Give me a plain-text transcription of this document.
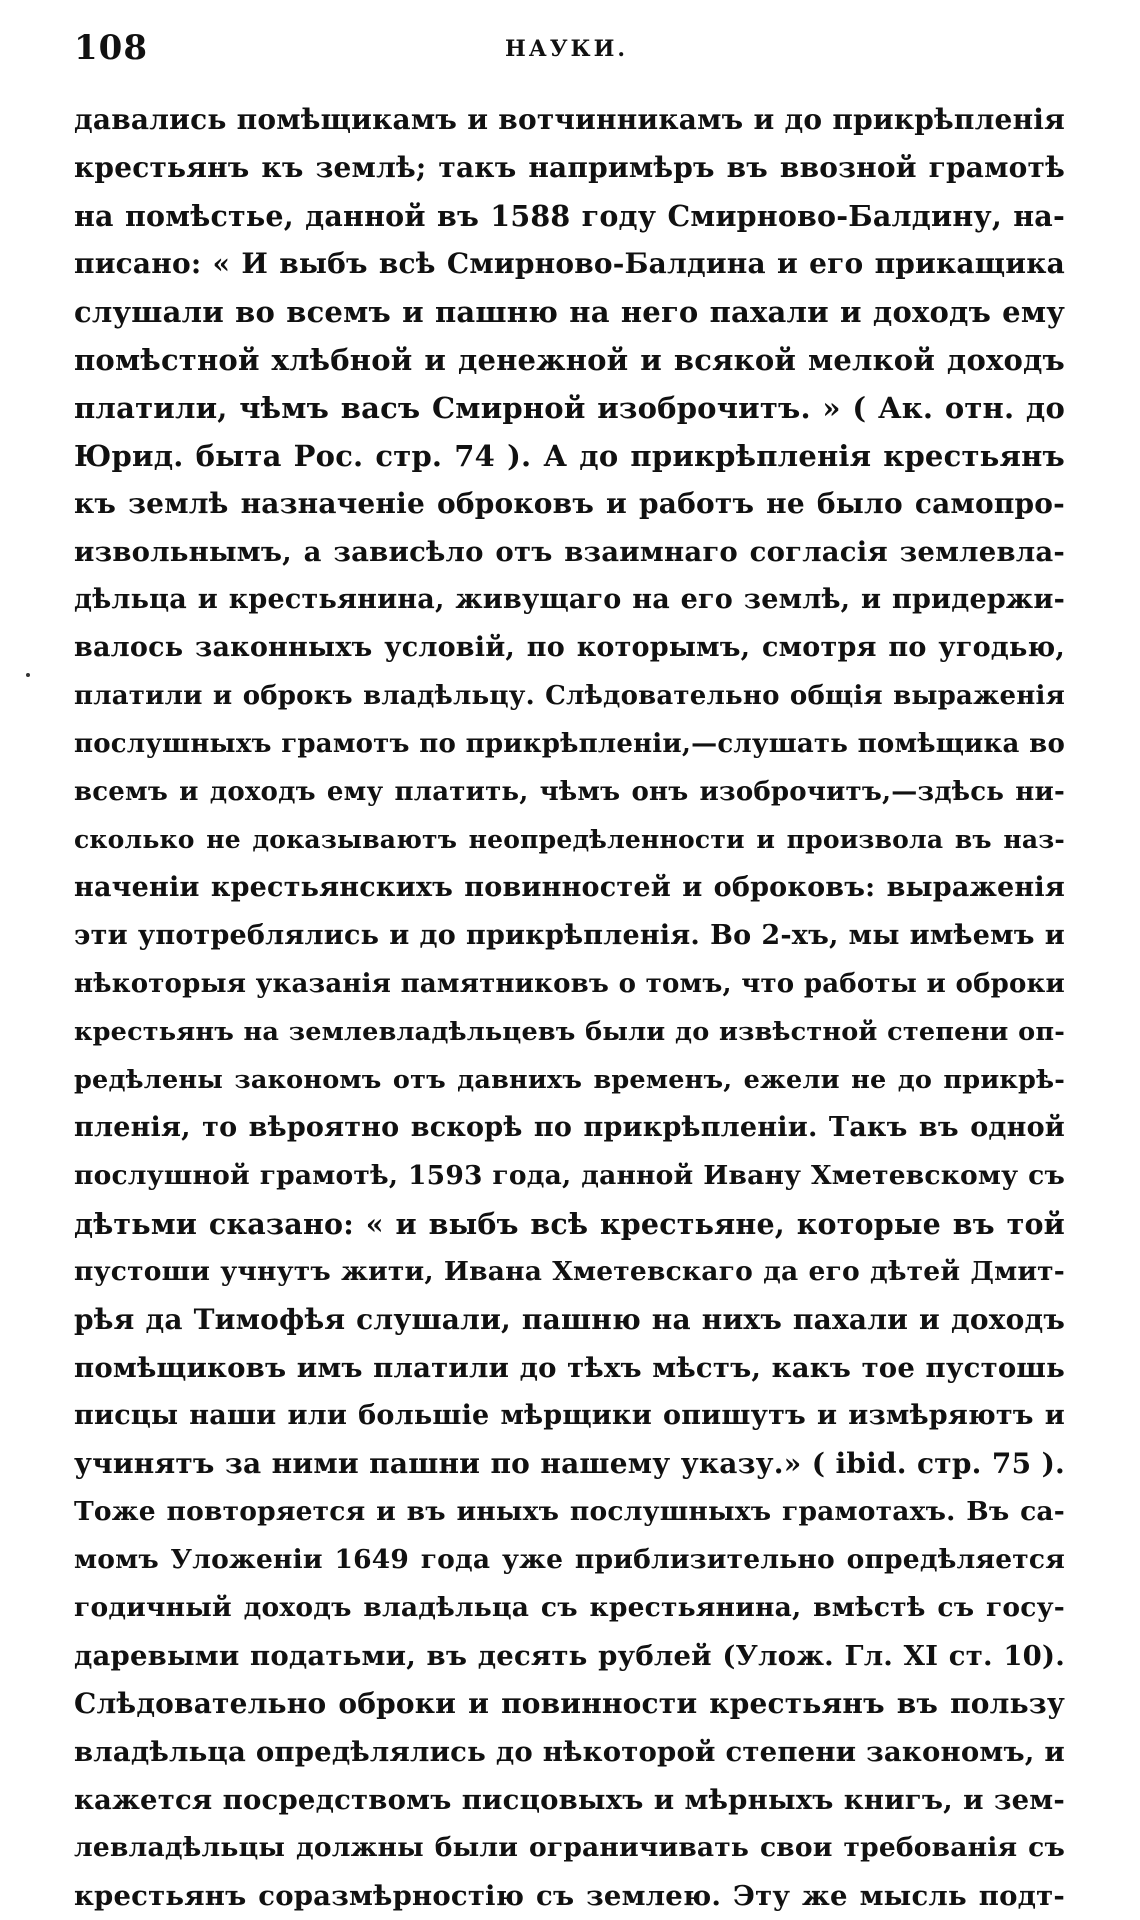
108	НАУКИ.
давались помѣщикамъ и вотчинникамъ и до прикрѣпленія
крестьянъ къ землѣ; такъ напримѣръ въ ввозной грамотѣ
на помѣстье, данной въ 1588 году Смирново-Балдину, на-
писано: « И выбъ всѣ Смирново-Балдина и его прикащика
слушали во всемъ и пашню на него пахали и доходъ ему
помѣстной хлѣбной и денежной и всякой мелкой доходъ
платили, чѣмъ васъ Смирной изоброчитъ. » ( Ак. отн. до
Юрид. быта Рос. стр. 74 ). А до прикрѣпленія крестьянъ
къ землѣ назначеніе оброковъ и работъ не было самопро-
извольнымъ, а зависѣло отъ взаимнаго согласія землевла-
дѣльца и крестьянина, живущаго на его землѣ, и придержи-
валось законныхъ условій, по которымъ, смотря по угодью,
платили и оброкъ владѣльцу. Слѣдовательно общія выраженія
послушныхъ грамотъ по прикрѣпленіи,—слушать помѣщика во
всемъ и доходъ ему платить, чѣмъ онъ изоброчитъ,—здѣсь ни-
сколько не доказываютъ неопредѣленности и произвола въ наз-
наченіи крестьянскихъ повинностей и оброковъ: выраженія
эти употреблялись и до прикрѣпленія. Во 2-хъ, мы имѣемъ и
нѣкоторыя указанія памятниковъ о томъ, что работы и оброки
крестьянъ на землевладѣльцевъ были до извѣстной степени оп-
редѣлены закономъ отъ давнихъ временъ, ежели не до прикрѣ-
пленія, то вѣроятно вскорѣ по прикрѣпленіи. Такъ въ одной
послушной грамотѣ, 1593 года, данной Ивану Хметевскому съ
дѣтьми сказано: « и выбъ всѣ крестьяне, которые въ той
пустоши учнутъ жити, Ивана Хметевскаго да его дѣтей Дмит-
рѣя да Тимофѣя слушали, пашню на нихъ пахали и доходъ
помѣщиковъ имъ платили до тѣхъ мѣстъ, какъ тое пустошь
писцы наши или большіе мѣрщики опишутъ и измѣряютъ и
учинятъ за ними пашни по нашему указу.» ( ibid. стр. 75 ).
Тоже повторяется и въ иныхъ послушныхъ грамотахъ. Въ са-
момъ Уложеніи 1649 года уже приблизительно опредѣляется
годичный доходъ владѣльца съ крестьянина, вмѣстѣ съ госу-
даревыми податьми, въ десять рублей (Улож. Гл. XI ст. 10).
Слѣдовательно оброки и повинности крестьянъ въ пользу
владѣльца опредѣлялись до нѣкоторой степени закономъ, и
кажется посредствомъ писцовыхъ и мѣрныхъ книгъ, и зем-
левладѣльцы должны были ограничивать свои требованія съ
крестьянъ соразмѣрностію съ землею. Эту же мысль подт-
